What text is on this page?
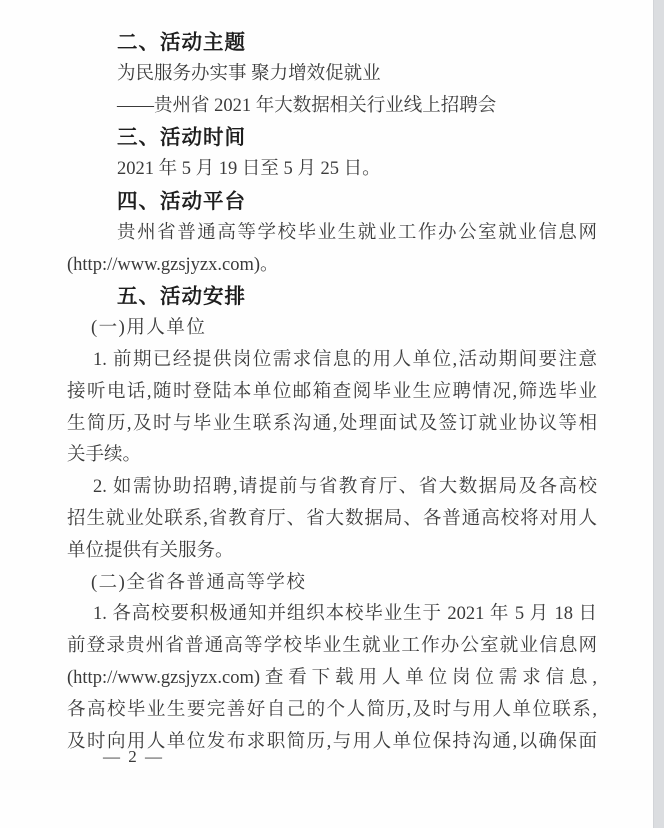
二、活动主题
为民服务办实事 聚力增效促就业
——贵州省 2021 年大数据相关行业线上招聘会
三、活动时间
2021 年 5 月 19 日至 5 月 25 日。
四、活动平台
贵州省普通高等学校毕业生就业工作办公室就业信息网
(http://www.gzsjyzx.com)。
五、活动安排
(一)用人单位
1. 前期已经提供岗位需求信息的用人单位,活动期间要注意
接听电话,随时登陆本单位邮箱查阅毕业生应聘情况,筛选毕业
生简历,及时与毕业生联系沟通,处理面试及签订就业协议等相
关手续。
2. 如需协助招聘,请提前与省教育厅、省大数据局及各高校
招生就业处联系,省教育厅、省大数据局、各普通高校将对用人
单位提供有关服务。
(二)全省各普通高等学校
1. 各高校要积极通知并组织本校毕业生于 2021 年 5 月 18 日
前登录贵州省普通高等学校毕业生就业工作办公室就业信息网
(http://www.gzsjyzx.com)查看下载用人单位岗位需求信息,
各高校毕业生要完善好自己的个人简历,及时与用人单位联系,
及时向用人单位发布求职简历,与用人单位保持沟通,以确保面
— 2 —
